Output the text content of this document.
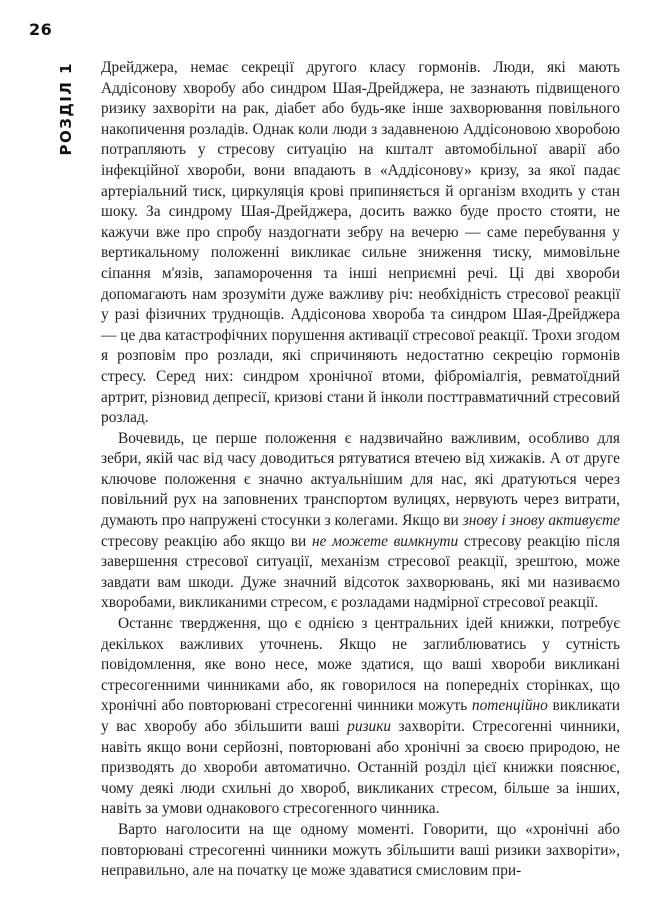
26
РОЗДІЛ 1 Дрейджера, немає секреції другого класу гормонів. Люди, які мають Аддісонову хворобу або синдром Шая-Дрейджера, не зазнають підвищеного ризику захворіти на рак, діабет або будь-яке інше захворювання повільного накопичення розладів. Однак коли люди з задавненою Аддісоновою хворобою потрапляють у стресову ситуацію на кшталт автомобільної аварії або інфекційної хвороби, вони впадають в «Аддісонову» кризу, за якої падає артеріальний тиск, циркуляція крові припиняється й організм входить у стан шоку. За синдрому Шая-Дрейджера, досить важко буде просто стояти, не кажучи вже про спробу наздогнати зебру на вечерю — саме перебування у вертикальному положенні викликає сильне зниження тиску, мимовільне сіпання м'язів, запаморочення та інші неприємні речі. Ці дві хвороби допомагають нам зрозуміти дуже важливу річ: необхідність стресової реакції у разі фізичних труднощів. Аддісонова хвороба та синдром Шая-Дрейджера — це два катастрофічних порушення активації стресової реакції. Трохи згодом я розповім про розлади, які спричиняють недостатню секрецію гормонів стресу. Серед них: синдром хронічної втоми, фіброміалгія, ревматоїдний артрит, різновид депресії, кризові стани й інколи посттравматичний стресовий розлад.

Вочевидь, це перше положення є надзвичайно важливим, особливо для зебри, якій час від часу доводиться рятуватися втечею від хижаків. А от друге ключове положення є значно актуальнішим для нас, які дратуються через повільний рух на заповнених транспортом вулицях, нервують через витрати, думають про напружені стосунки з колегами. Якщо ви знову і знову активуєте стресову реакцію або якщо ви не можете вимкнути стресову реакцію після завершення стресової ситуації, механізм стресової реакції, зрештою, може завдати вам шкоди. Дуже значний відсоток захворювань, які ми називаємо хворобами, викликаними стресом, є розладами надмірної стресової реакції.

Останнє твердження, що є однією з центральних ідей книжки, потребує декількох важливих уточнень. Якщо не заглиблюватись у сутність повідомлення, яке воно несе, може здатися, що ваші хвороби викликані стресогенними чинниками або, як говорилося на попередніх сторінках, що хронічні або повторювані стресогенні чинники можуть потенційно викликати у вас хворобу або збільшити ваші ризики захворіти. Стресогенні чинники, навіть якщо вони серйозні, повторювані або хронічні за своєю природою, не призводять до хвороби автоматично. Останній розділ цієї книжки пояснює, чому деякі люди схильні до хвороб, викликаних стресом, більше за інших, навіть за умови однакового стресогенного чинника.

Варто наголосити на ще одному моменті. Говорити, що «хронічні або повторювані стресогенні чинники можуть збільшити ваші ризики захворіти», неправильно, але на початку це може здаватися смисловим при-
